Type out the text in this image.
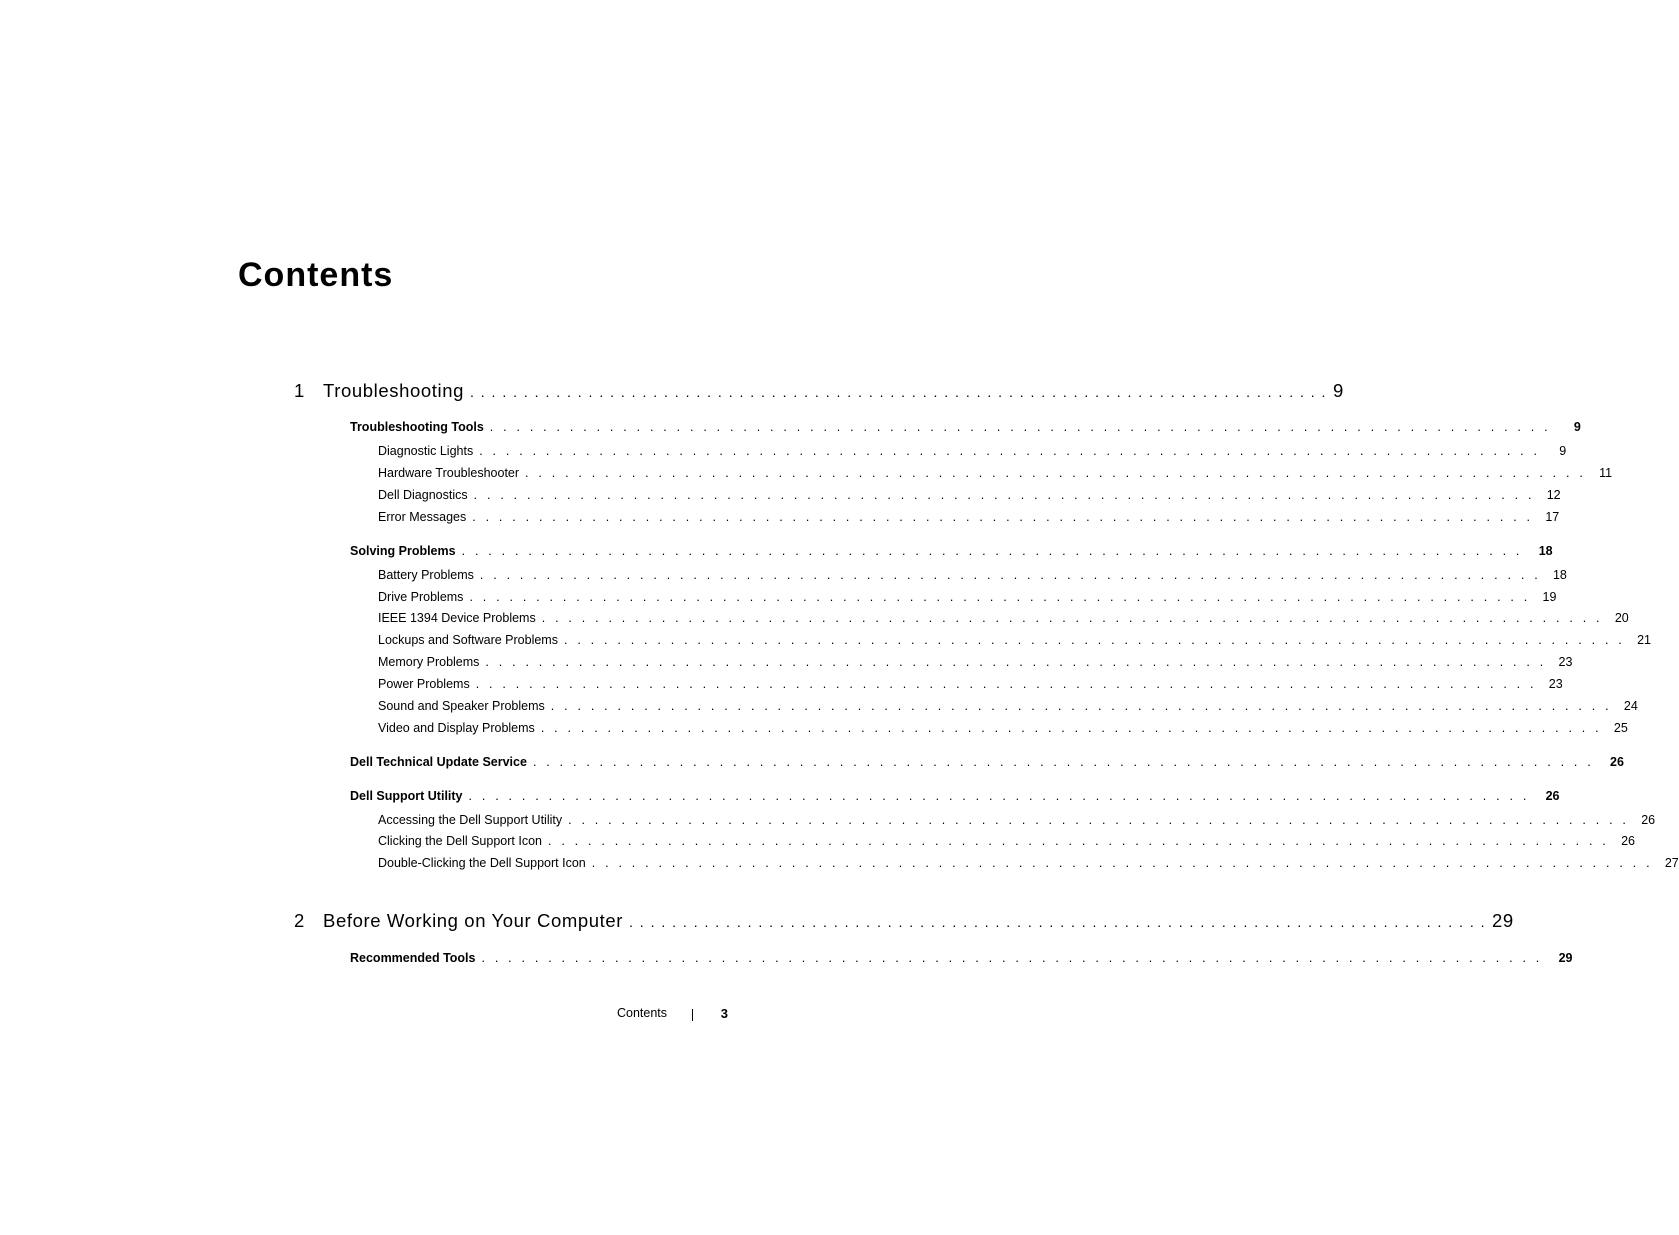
Contents
1 Troubleshooting . . . . . . . . . . . . . . . . . . . . . . . . . . . . . . . . . . . . . . . . . . . . . . . . . . . . . . . . . . . . . . . . . . . . . . . . . . . . . . . . 9
Troubleshooting Tools . . . . . . . . . . . . . . . . . . . . . . . . . . . . . . . . . . . . . . . . . . . . . . . . . . . . . . . . . . . . . . . . . . . . . . . . . . . . . . . .	9
Diagnostic Lights . . . . . . . . . . . . . . . . . . . . . . . . . . . . . . . . . . . . . . . . . . . . . . . . . . . . . . . . . . . . . . . . . . . . . . . . . . . . . . . .	9
Hardware Troubleshooter . . . . . . . . . . . . . . . . . . . . . . . . . . . . . . . . . . . . . . . . . . . . . . . . . . . . . . . . . . . . . . . . . . . . . . . . . . . . . . . .	11
Dell Diagnostics . . . . . . . . . . . . . . . . . . . . . . . . . . . . . . . . . . . . . . . . . . . . . . . . . . . . . . . . . . . . . . . . . . . . . . . . . . . . . . . . 12
Error Messages . . . . . . . . . . . . . . . . . . . . . . . . . . . . . . . . . . . . . . . . . . . . . . . . . . . . . . . . . . . . . . . . . . . . . . . . . . . . . . . . 17
Solving Problems . . . . . . . . . . . . . . . . . . . . . . . . . . . . . . . . . . . . . . . . . . . . . . . . . . . . . . . . . . . . . . . . . . . . . . . . . . . . . . . .	18
Battery Problems . . . . . . . . . . . . . . . . . . . . . . . . . . . . . . . . . . . . . . . . . . . . . . . . . . . . . . . . . . . . . . . . . . . . . . . . . . . . . . . . 18
Drive Problems . . . . . . . . . . . . . . . . . . . . . . . . . . . . . . . . . . . . . . . . . . . . . . . . . . . . . . . . . . . . . . . . . . . . . . . . . . . . . . . . 19
IEEE 1394 Device Problems . . . . . . . . . . . . . . . . . . . . . . . . . . . . . . . . . . . . . . . . . . . . . . . . . . . . . . . . . . . . . . . . . . . . . . . . . . . . . . . . 20
Lockups and Software Problems . . . . . . . . . . . . . . . . . . . . . . . . . . . . . . . . . . . . . . . . . . . . . . . . . . . . . . . . . . . . . . . . . . . . . . . . . . . . . . . . 21
Memory Problems . . . . . . . . . . . . . . . . . . . . . . . . . . . . . . . . . . . . . . . . . . . . . . . . . . . . . . . . . . . . . . . . . . . . . . . . . . . . . . . . 23
Power Problems . . . . . . . . . . . . . . . . . . . . . . . . . . . . . . . . . . . . . . . . . . . . . . . . . . . . . . . . . . . . . . . . . . . . . . . . . . . . . . . . 23
Sound and Speaker Problems . . . . . . . . . . . . . . . . . . . . . . . . . . . . . . . . . . . . . . . . . . . . . . . . . . . . . . . . . . . . . . . . . . . . . . . . . . . . . . . . 24
Video and Display Problems . . . . . . . . . . . . . . . . . . . . . . . . . . . . . . . . . . . . . . . . . . . . . . . . . . . . . . . . . . . . . . . . . . . . . . . . . . . . . . . . 25
Dell Technical Update Service . . . . . . . . . . . . . . . . . . . . . . . . . . . . . . . . . . . . . . . . . . . . . . . . . . . . . . . . . . . . . . . . . . . . . . . . . . . . . . . .	26
Dell Support Utility . . . . . . . . . . . . . . . . . . . . . . . . . . . . . . . . . . . . . . . . . . . . . . . . . . . . . . . . . . . . . . . . . . . . . . . . . . . . . . . .	26
Accessing the Dell Support Utility . . . . . . . . . . . . . . . . . . . . . . . . . . . . . . . . . . . . . . . . . . . . . . . . . . . . . . . . . . . . . . . . . . . . . . . . . . . . . . . . 26
Clicking the Dell Support Icon . . . . . . . . . . . . . . . . . . . . . . . . . . . . . . . . . . . . . . . . . . . . . . . . . . . . . . . . . . . . . . . . . . . . . . . . . . . . . . . . 26
Double-Clicking the Dell Support Icon . . . . . . . . . . . . . . . . . . . . . . . . . . . . . . . . . . . . . . . . . . . . . . . . . . . . . . . . . . . . . . . . . . . . . . . . . . . . . . . . 27
2 Before Working on Your Computer . . . . . . . . . . . . . . . . . . . . . . . . . . . . . . . . . . . . . . . . . . . . . . . . . . . . . . . . . . . . . . . . . . . . . . . . . . . . . . . . 29
Recommended Tools . . . . . . . . . . . . . . . . . . . . . . . . . . . . . . . . . . . . . . . . . . . . . . . . . . . . . . . . . . . . . . . . . . . . . . . . . . . . . . . .	29
Contents	3
